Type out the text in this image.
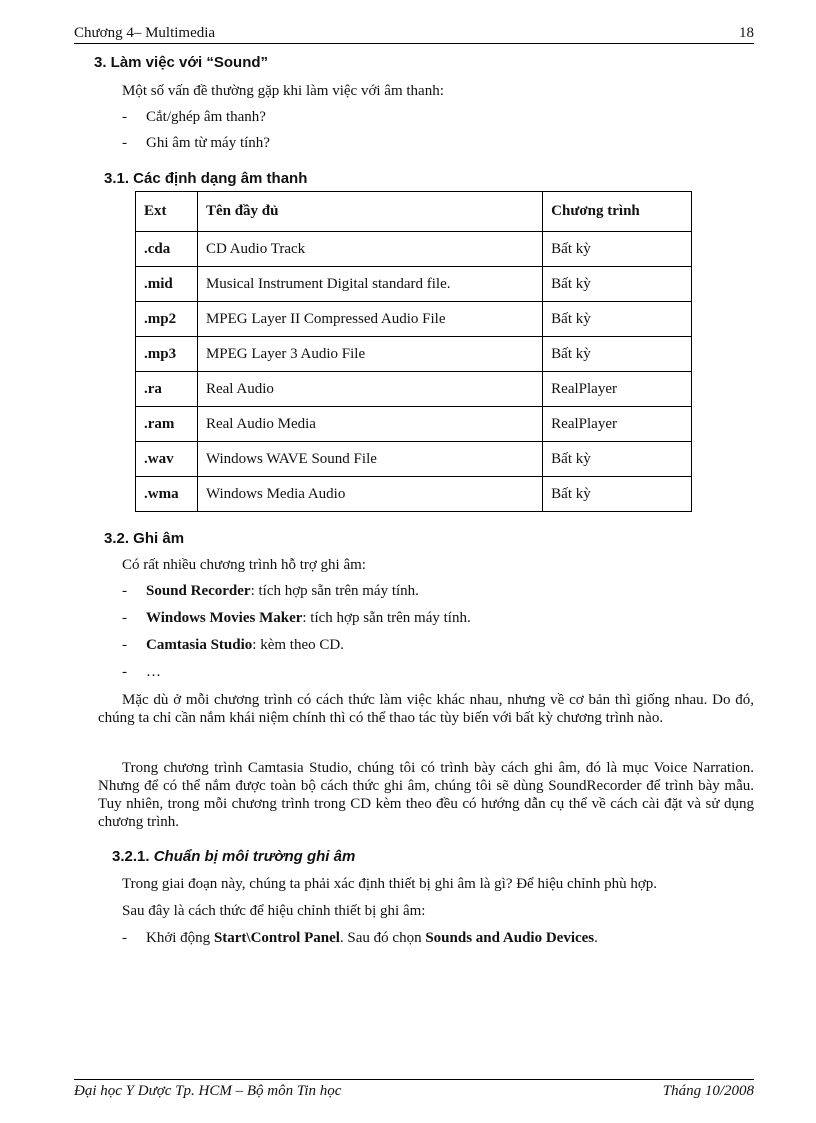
Chương 4– Multimedia	18
3. Làm việc với “Sound”
Một số vấn đề thường gặp khi làm việc với âm thanh:
- Cắt/ghép âm thanh?
- Ghi âm từ máy tính?
3.1. Các định dạng âm thanh
Ext	Tên đầy đủ	Chương trình
.cda	CD Audio Track	Bất kỳ
.mid	Musical Instrument Digital standard file.	Bất kỳ
.mp2	MPEG Layer II Compressed Audio File	Bất kỳ
.mp3	MPEG Layer 3 Audio File	Bất kỳ
.ra	Real Audio	RealPlayer
.ram	Real Audio Media	RealPlayer
.wav	Windows WAVE Sound File	Bất kỳ
.wma	Windows Media Audio	Bất kỳ
3.2. Ghi âm
Có rất nhiều chương trình hỗ trợ ghi âm:
- Sound Recorder: tích hợp sẵn trên máy tính.
- Windows Movies Maker: tích hợp sẵn trên máy tính.
- Camtasia Studio: kèm theo CD.
- …
Mặc dù ở mỗi chương trình có cách thức làm việc khác nhau, nhưng về cơ bản thì giống nhau. Do đó, chúng ta chỉ cần nắm khái niệm chính thì có thể thao tác tùy biến với bất kỳ chương trình nào.
Trong chương trình Camtasia Studio, chúng tôi có trình bày cách ghi âm, đó là mục Voice Narration. Nhưng để có thể nắm được toàn bộ cách thức ghi âm, chúng tôi sẽ dùng SoundRecorder để trình bày mẫu. Tuy nhiên, trong mỗi chương trình trong CD kèm theo đều có hướng dẫn cụ thể về cách cài đặt và sử dụng chương trình.
3.2.1. Chuẩn bị môi trường ghi âm
Trong giai đoạn này, chúng ta phải xác định thiết bị ghi âm là gì? Để hiệu chỉnh phù hợp.
Sau đây là cách thức để hiệu chỉnh thiết bị ghi âm:
- Khởi động Start\Control Panel. Sau đó chọn Sounds and Audio Devices.
Đại học Y Dược Tp. HCM – Bộ môn Tin học	Tháng 10/2008
